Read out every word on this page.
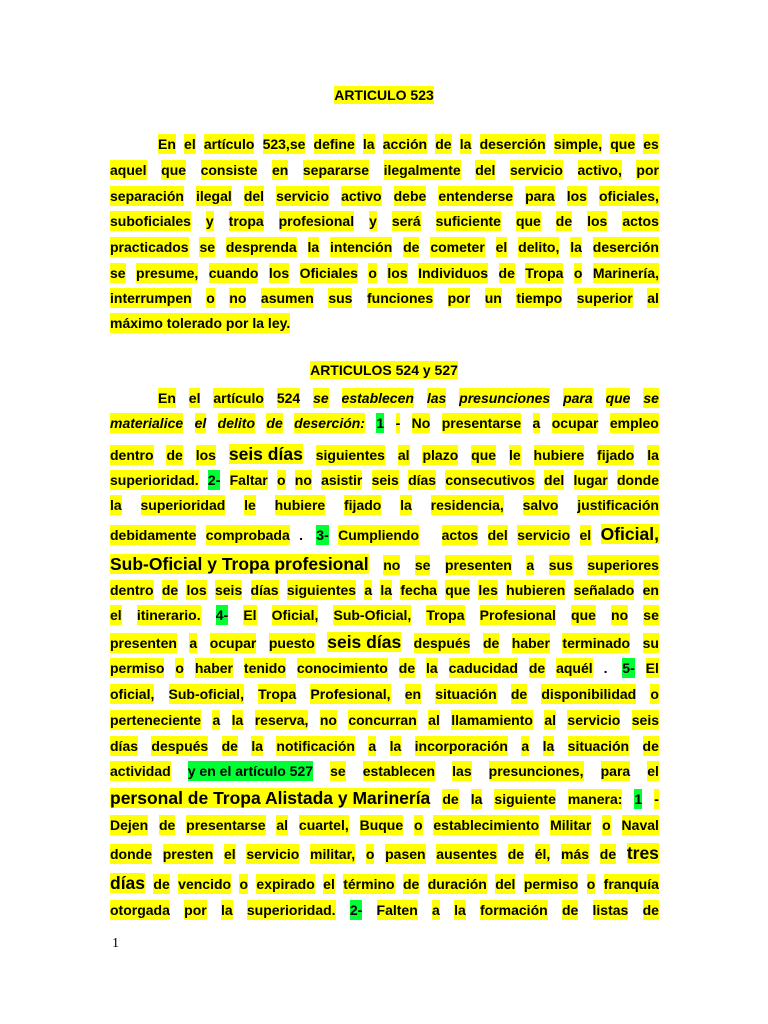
ARTICULO 523
En el artículo 523,se define la acción de la deserción simple, que es
aquel que consiste en separarse ilegalmente del servicio activo, por
separación ilegal del servicio activo debe entenderse para los oficiales,
suboficiales y tropa profesional y será suficiente que de los actos
practicados se desprenda la intención de cometer el delito, la deserción
se presume, cuando los Oficiales o los Individuos de Tropa o Marinería,
interrumpen o no asumen sus funciones por un tiempo superior al
máximo tolerado por la ley.
ARTICULOS 524 y 527
En el artículo 524 se establecen las presunciones para que se
materialice el delito de deserción: 1 - No presentarse a ocupar empleo
dentro de los seis días siguientes al plazo que le hubiere fijado la
superioridad. 2- Faltar o no asistir seis días consecutivos del lugar donde
la superioridad le hubiere fijado la residencia, salvo justificación
debidamente comprobada . 3- Cumpliendo
actos del servicio el Oficial,
Sub-Oficial y Tropa profesional no se presenten a sus superiores
dentro de los seis días siguientes a la fecha que les hubieren señalado en
el itinerario. 4- El Oficial, Sub-Oficial, Tropa Profesional que no se
presenten a ocupar puesto seis días después de haber terminado su
permiso o haber tenido conocimiento de la caducidad de aquél . 5- El
oficial, Sub-oficial, Tropa Profesional, en situación de disponibilidad o
perteneciente a la reserva, no concurran al llamamiento al servicio seis
días después de la notificación a la incorporación a la situación de
actividad y en el artículo 527 se establecen las presunciones, para el
personal de Tropa Alistada y Marinería de la siguiente manera: 1 -
Dejen de presentarse al cuartel, Buque o establecimiento Militar o Naval
donde presten el servicio militar, o pasen ausentes de él, más de tres
días de vencido o expirado el término de duración del permiso o franquía
otorgada por la superioridad. 2- Falten a la formación de listas de
1
